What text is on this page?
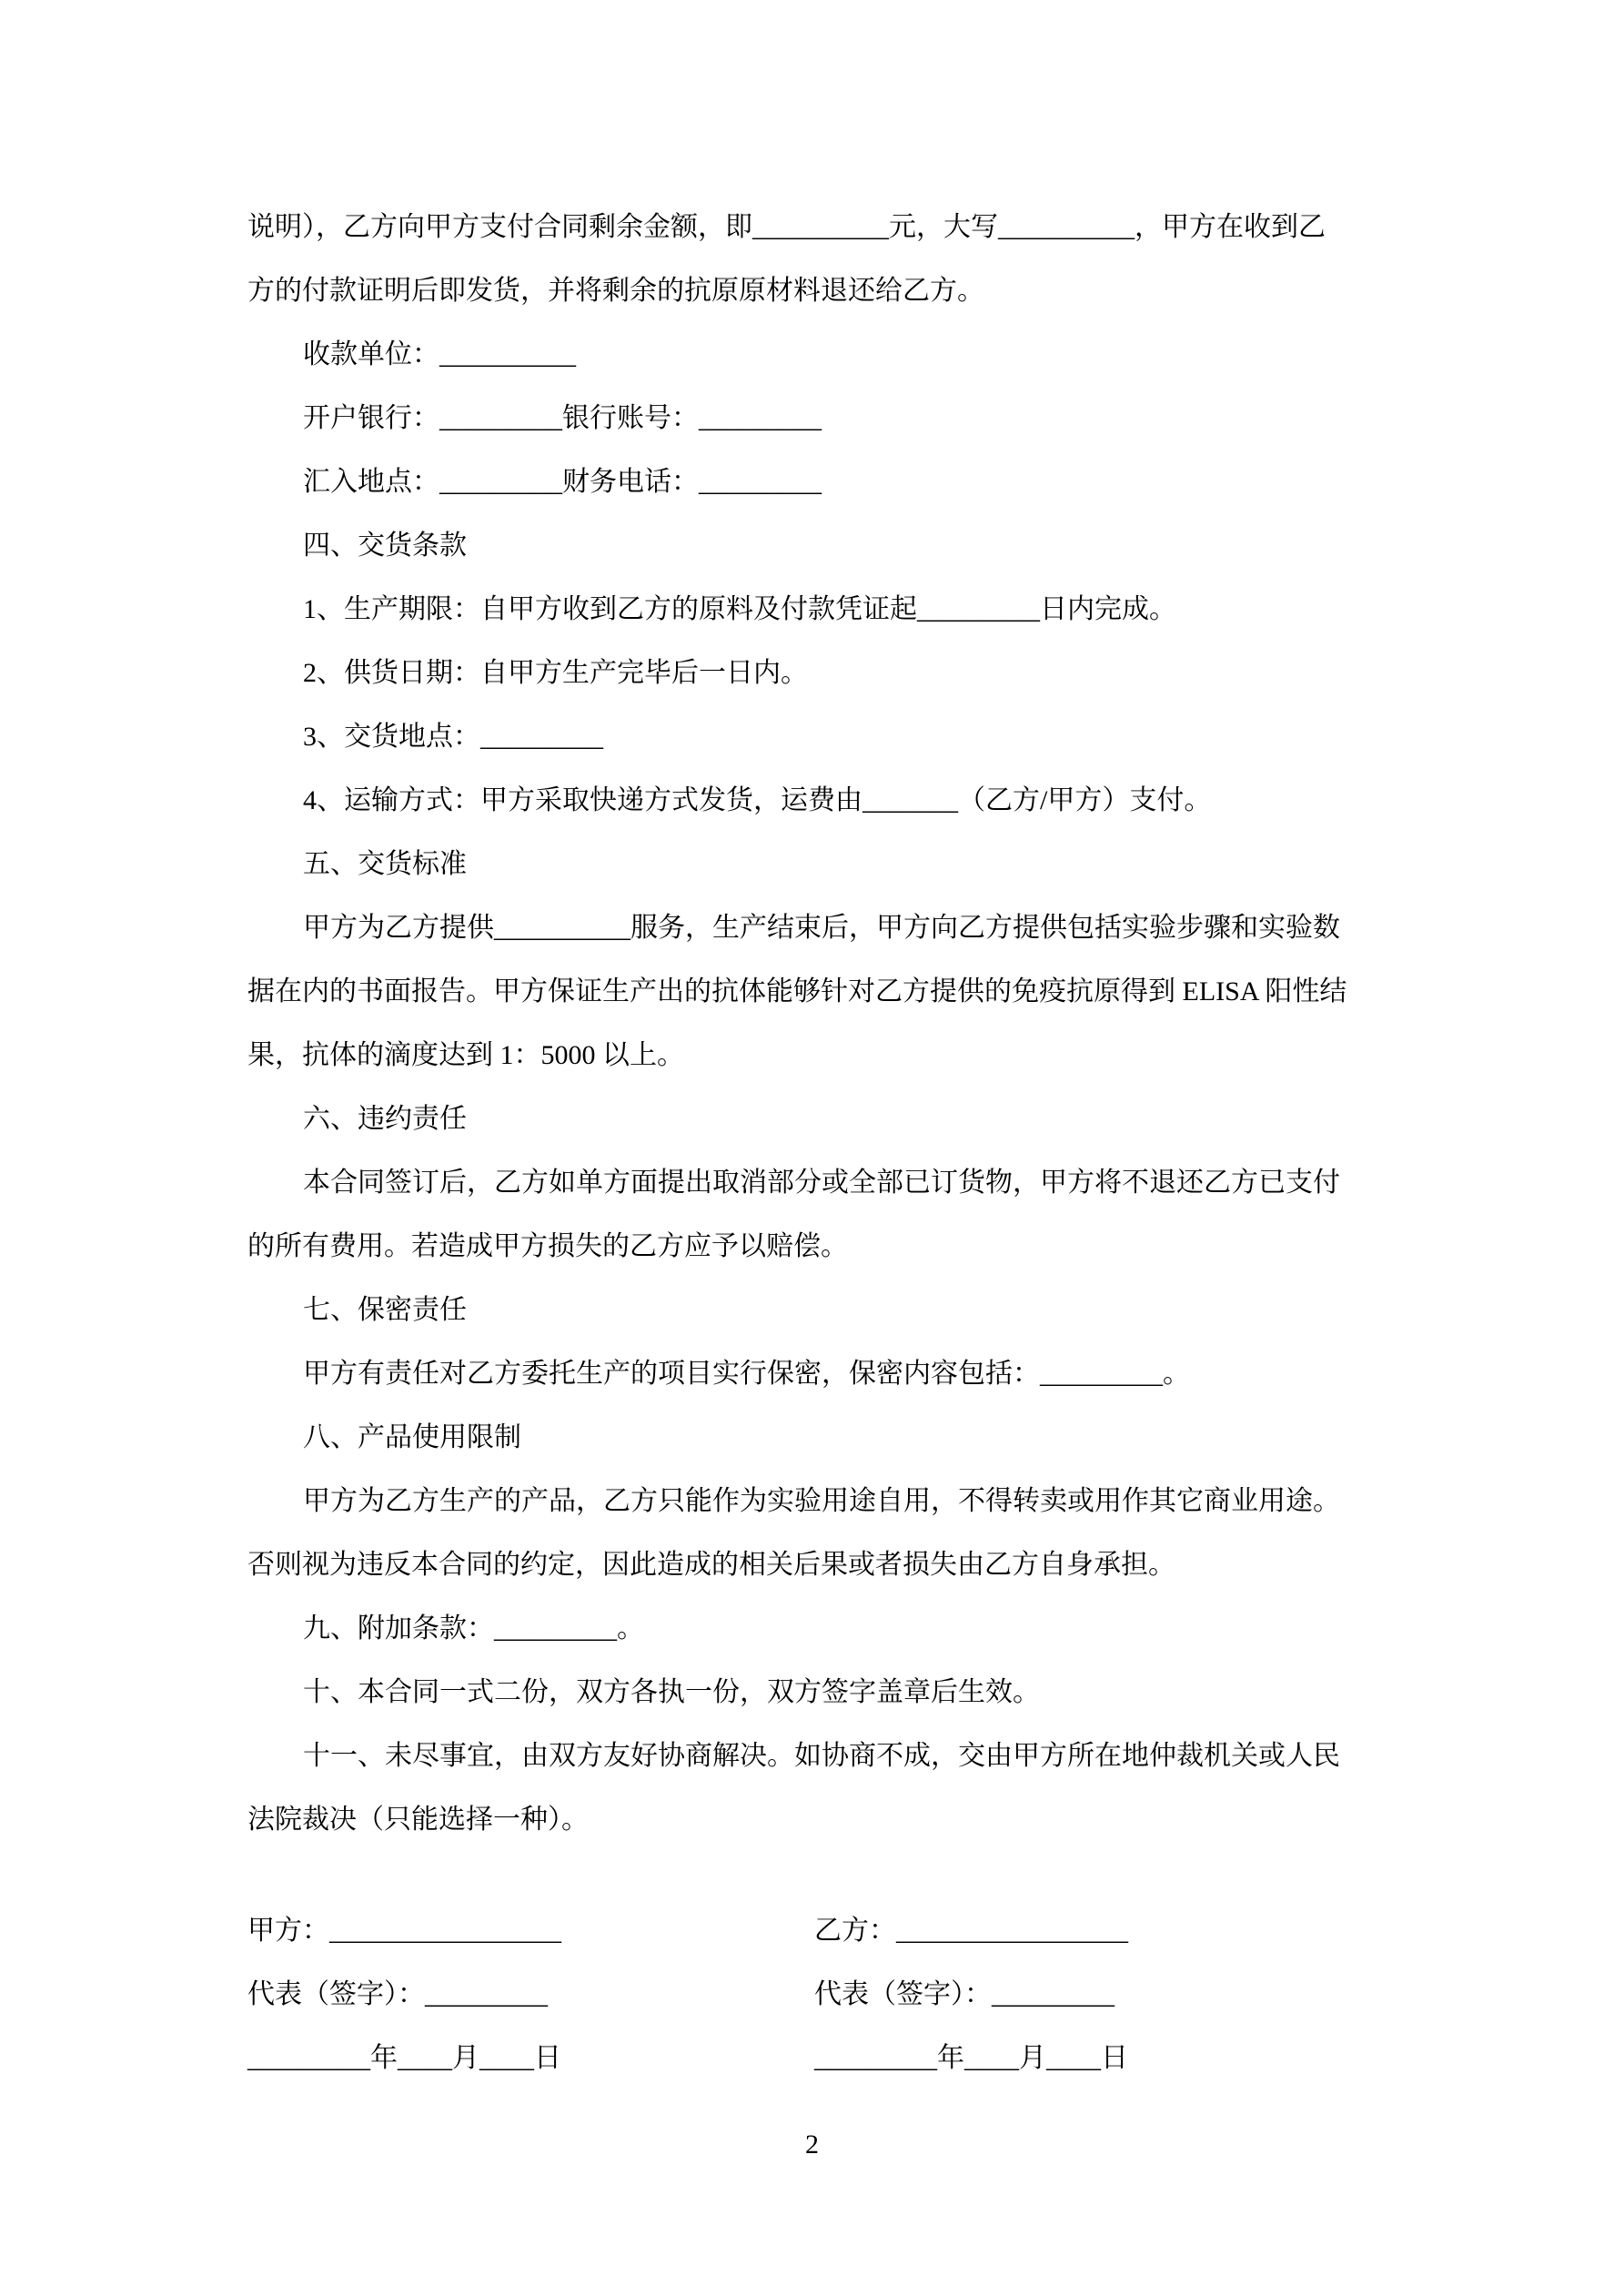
说明），乙方向甲方支付合同剩余金额，即__________元，大写__________，甲方在收到乙
方的付款证明后即发货，并将剩余的抗原原材料退还给乙方。
收款单位：__________
开户银行：_________银行账号：_________
汇入地点：_________财务电话：_________
四、交货条款
1、生产期限：自甲方收到乙方的原料及付款凭证起_________日内完成。
2、供货日期：自甲方生产完毕后一日内。
3、交货地点：_________
4、运输方式：甲方采取快递方式发货，运费由_______（乙方/甲方）支付。
五、交货标准
甲方为乙方提供__________服务，生产结束后，甲方向乙方提供包括实验步骤和实验数
据在内的书面报告。甲方保证生产出的抗体能够针对乙方提供的免疫抗原得到 ELISA 阳性结
果，抗体的滴度达到 1：5000 以上。
六、违约责任
本合同签订后，乙方如单方面提出取消部分或全部已订货物，甲方将不退还乙方已支付
的所有费用。若造成甲方损失的乙方应予以赔偿。
七、保密责任
甲方有责任对乙方委托生产的项目实行保密，保密内容包括：_________。
八、产品使用限制
甲方为乙方生产的产品，乙方只能作为实验用途自用，不得转卖或用作其它商业用途。
否则视为违反本合同的约定，因此造成的相关后果或者损失由乙方自身承担。
九、附加条款：_________。
十、本合同一式二份，双方各执一份，双方签字盖章后生效。
十一、未尽事宜，由双方友好协商解决。如协商不成，交由甲方所在地仲裁机关或人民
法院裁决（只能选择一种）。
甲方：_________________
代表（签字）：_________
_________年____月____日
乙方：_________________
代表（签字）：_________
_________年____月____日
2
